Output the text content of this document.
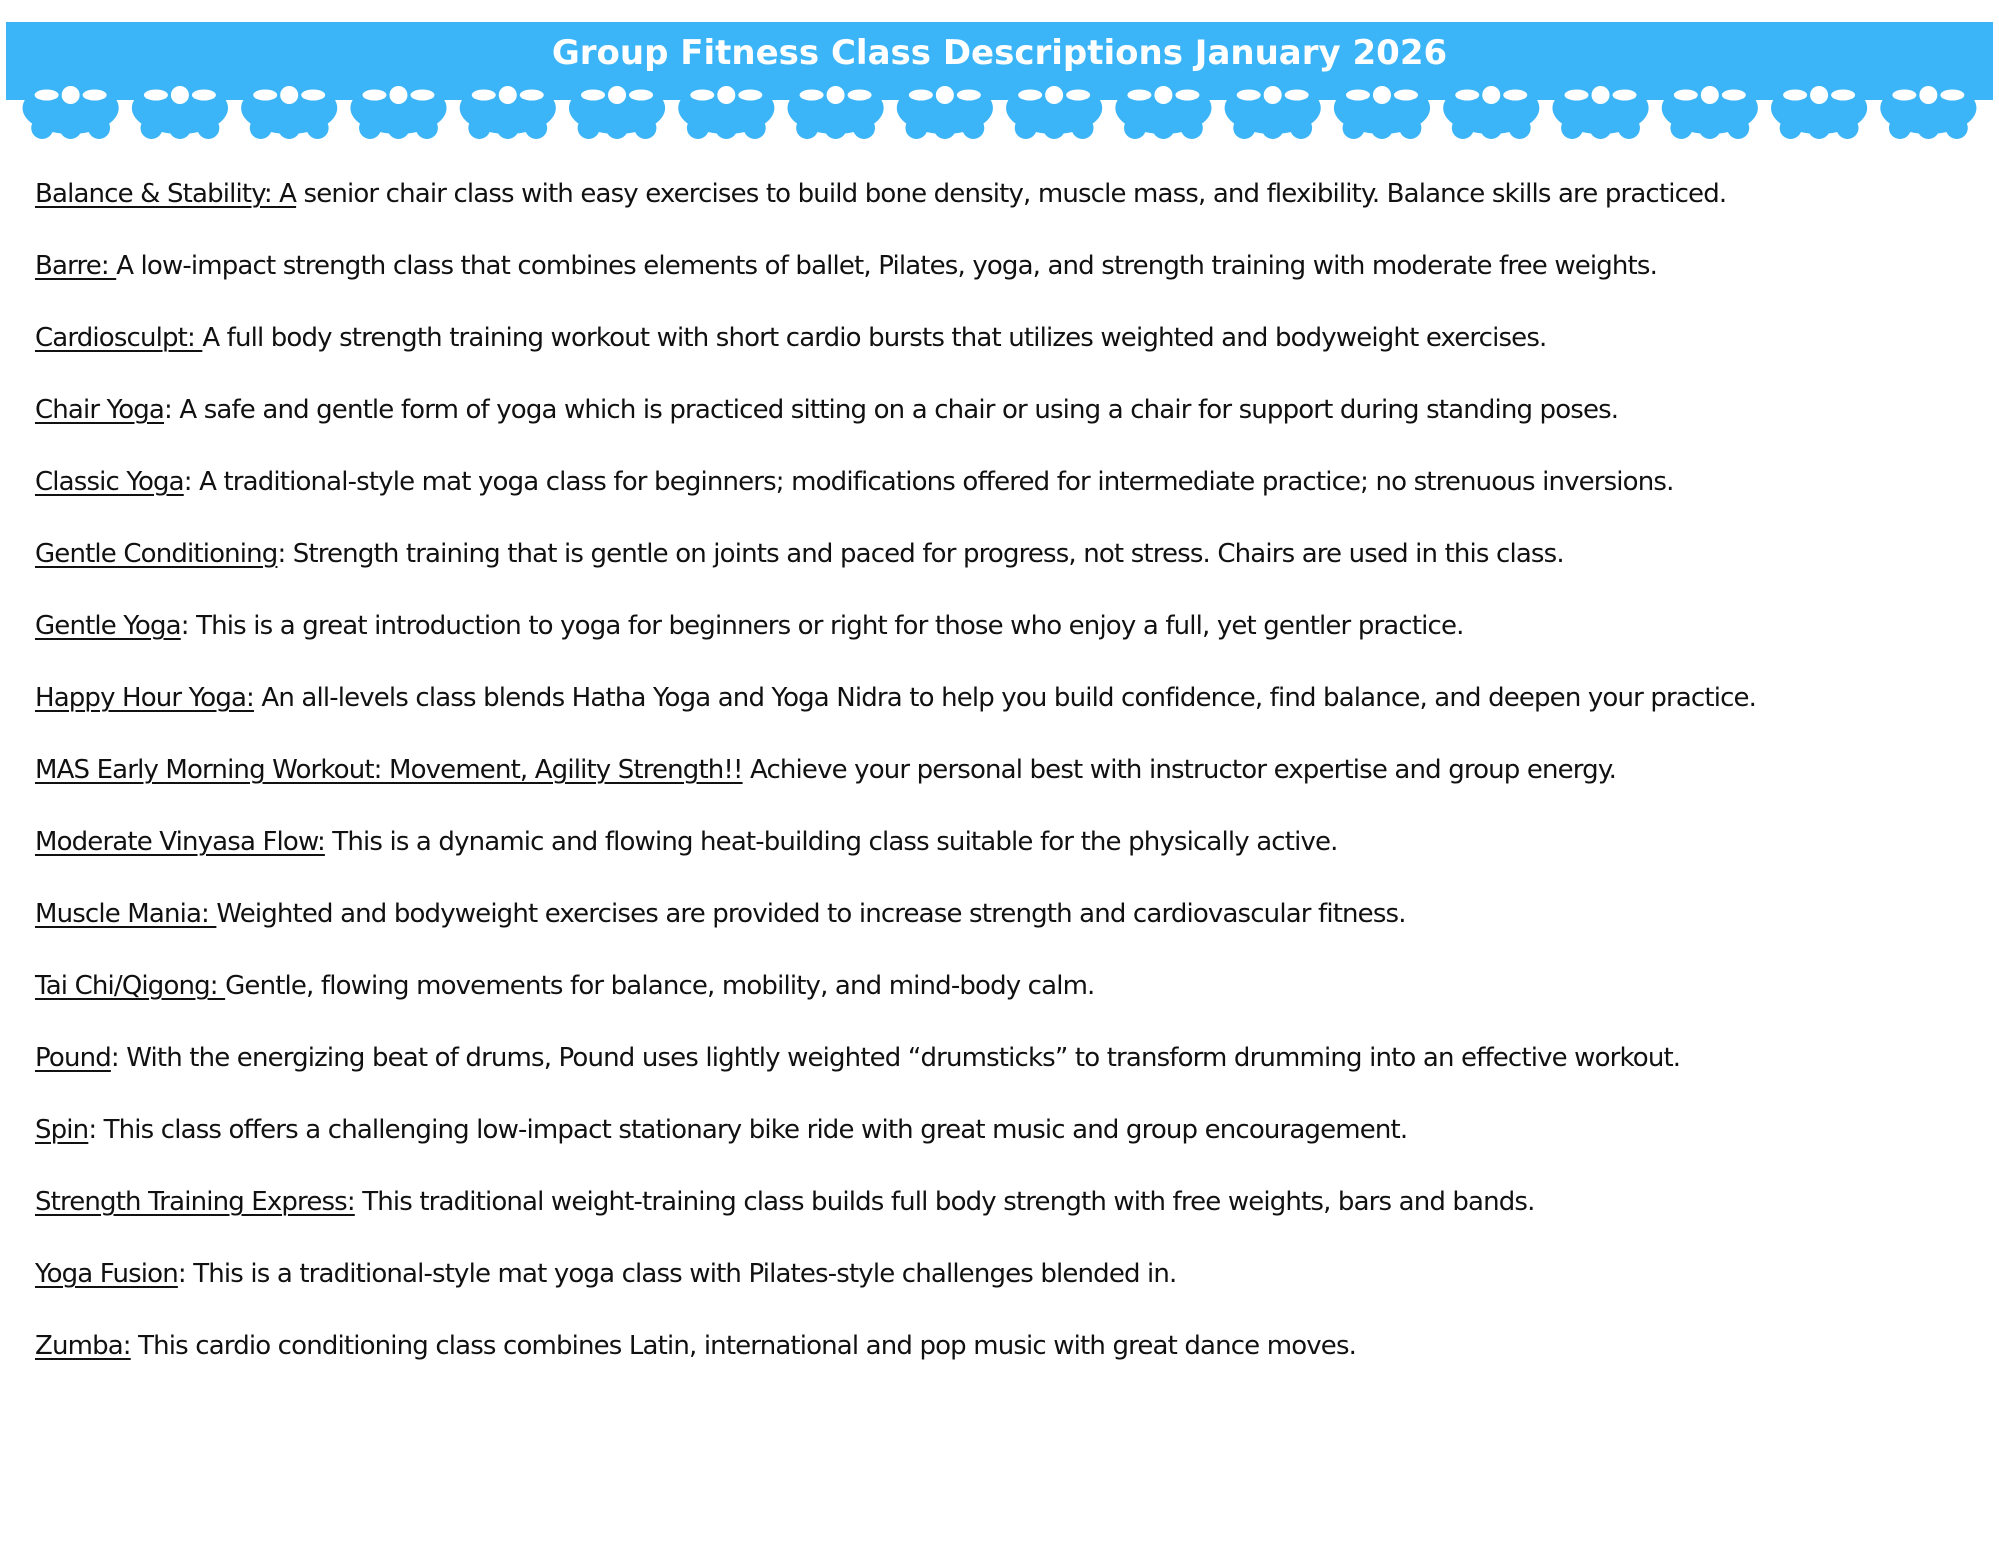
Group Fitness Class Descriptions January 2026
Balance & Stability: A senior chair class with easy exercises to build bone density, muscle mass, and flexibility. Balance skills are practiced.
Barre: A low-impact strength class that combines elements of ballet, Pilates, yoga, and strength training with moderate free weights.
Cardiosculpt: A full body strength training workout with short cardio bursts that utilizes weighted and bodyweight exercises.
Chair Yoga: A safe and gentle form of yoga which is practiced sitting on a chair or using a chair for support during standing poses.
Classic Yoga: A traditional-style mat yoga class for beginners; modifications offered for intermediate practice; no strenuous inversions.
Gentle Conditioning: Strength training that is gentle on joints and paced for progress, not stress. Chairs are used in this class.
Gentle Yoga: This is a great introduction to yoga for beginners or right for those who enjoy a full, yet gentler practice.
Happy Hour Yoga: An all-levels class blends Hatha Yoga and Yoga Nidra to help you build confidence, find balance, and deepen your practice.
MAS Early Morning Workout: Movement, Agility Strength!! Achieve your personal best with instructor expertise and group energy.
Moderate Vinyasa Flow: This is a dynamic and flowing heat-building class suitable for the physically active.
Muscle Mania: Weighted and bodyweight exercises are provided to increase strength and cardiovascular fitness.
Tai Chi/Qigong: Gentle, flowing movements for balance, mobility, and mind-body calm.
Pound: With the energizing beat of drums, Pound uses lightly weighted “drumsticks” to transform drumming into an effective workout.
Spin: This class offers a challenging low-impact stationary bike ride with great music and group encouragement.
Strength Training Express: This traditional weight-training class builds full body strength with free weights, bars and bands.
Yoga Fusion: This is a traditional-style mat yoga class with Pilates-style challenges blended in.
Zumba: This cardio conditioning class combines Latin, international and pop music with great dance moves.
